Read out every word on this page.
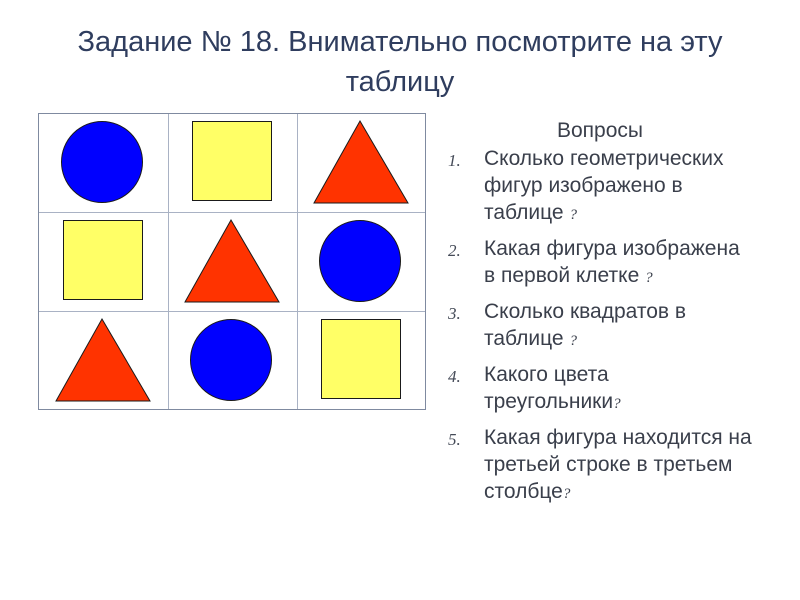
Задание № 18. Внимательно посмотрите на эту
таблицу
Вопросы
1. Сколько геометрических фигур изображено в таблице ?
2. Какая фигура изображена в первой клетке ?
3. Сколько квадратов в таблице ?
4. Какого цвета треугольники?
5. Какая фигура находится на третьей строке в третьем столбце?
